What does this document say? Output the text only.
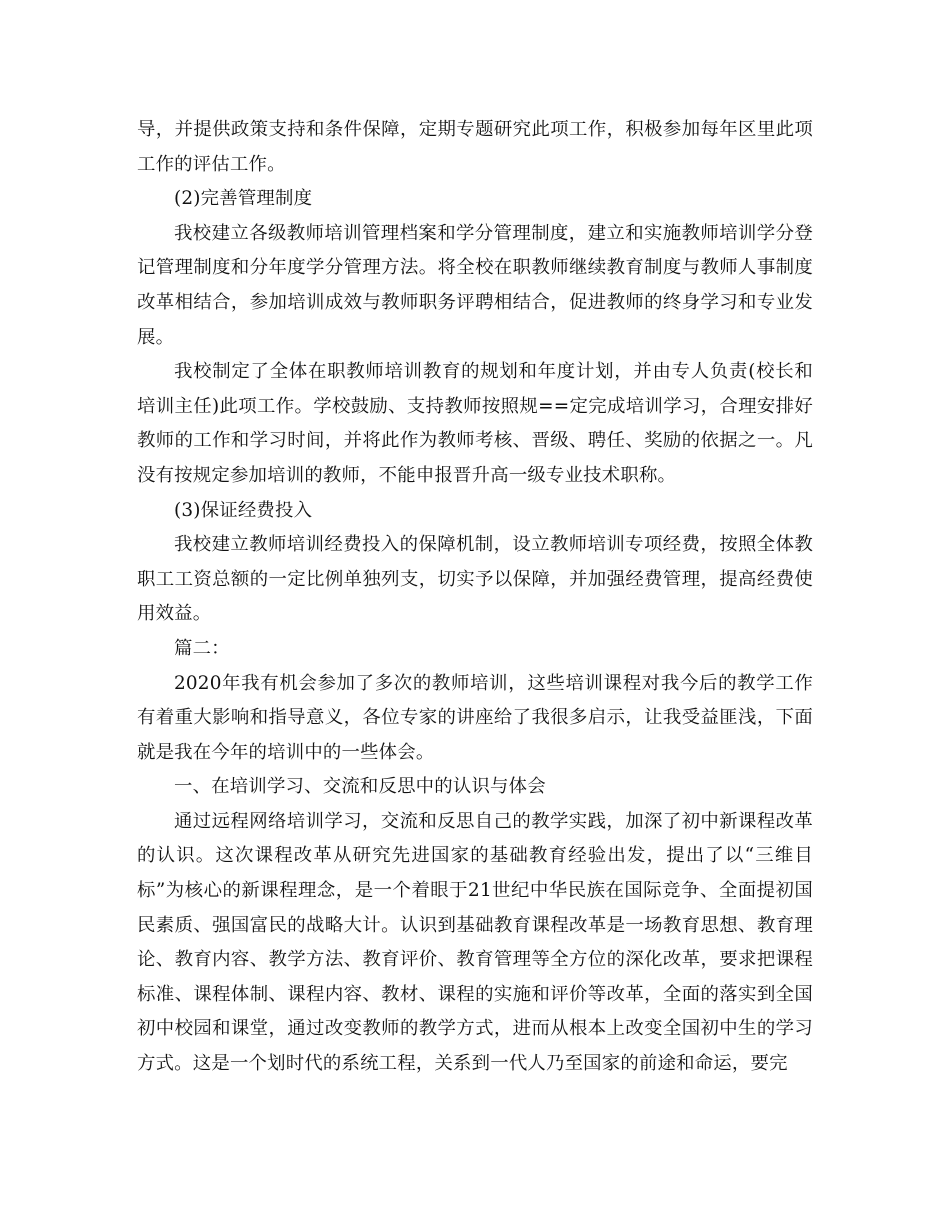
导，并提供政策支持和条件保障，定期专题研究此项工作，积极参加每年区里此项工作的评估工作。

(2)完善管理制度

我校建立各级教师培训管理档案和学分管理制度，建立和实施教师培训学分登记管理制度和分年度学分管理方法。将全校在职教师继续教育制度与教师人事制度改革相结合，参加培训成效与教师职务评聘相结合，促进教师的终身学习和专业发展。

我校制定了全体在职教师培训教育的规划和年度计划，并由专人负责(校长和培训主任)此项工作。学校鼓励、支持教师按照规==定完成培训学习，合理安排好教师的工作和学习时间，并将此作为教师考核、晋级、聘任、奖励的依据之一。凡没有按规定参加培训的教师，不能申报晋升高一级专业技术职称。

(3)保证经费投入

我校建立教师培训经费投入的保障机制，设立教师培训专项经费，按照全体教职工工资总额的一定比例单独列支，切实予以保障，并加强经费管理，提高经费使用效益。

篇二：

2020年我有机会参加了多次的教师培训，这些培训课程对我今后的教学工作有着重大影响和指导意义，各位专家的讲座给了我很多启示，让我受益匪浅，下面就是我在今年的培训中的一些体会。

一、在培训学习、交流和反思中的认识与体会

通过远程网络培训学习，交流和反思自己的教学实践，加深了初中新课程改革的认识。这次课程改革从研究先进国家的基础教育经验出发，提出了以“三维目标”为核心的新课程理念，是一个着眼于21世纪中华民族在国际竞争、全面提初国民素质、强国富民的战略大计。认识到基础教育课程改革是一场教育思想、教育理论、教育内容、教学方法、教育评价、教育管理等全方位的深化改革，要求把课程标准、课程体制、课程内容、教材、课程的实施和评价等改革，全面的落实到全国初中校园和课堂，通过改变教师的教学方式，进而从根本上改变全国初中生的学习方式。这是一个划时代的系统工程，关系到一代人乃至国家的前途和命运，要完
